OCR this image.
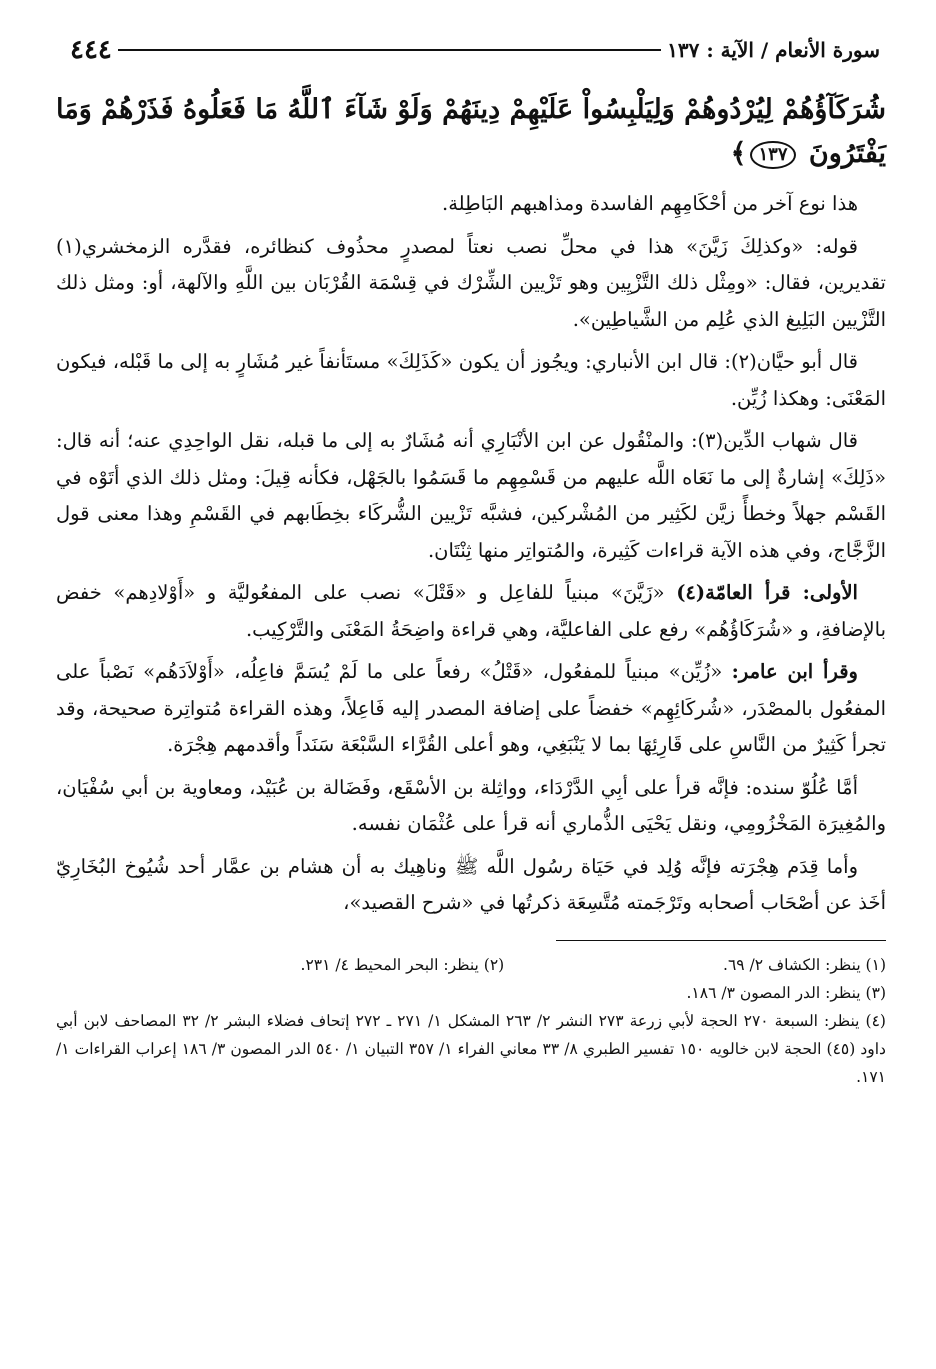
سورة الأنعام / الآية : ١٣٧
٤٤٤
شُرَكَآؤُهُمْ لِيُرْدُوهُمْ وَلِيَلْبِسُواْ عَلَيْهِمْ دِينَهُمْ وَلَوْ شَآءَ ٱللَّهُ مَا فَعَلُوهُ فَذَرْهُمْ وَمَا يَفْتَرُونَ ١٣٧﴾

هذا نوع آخر من أحْكَامِهِم الفاسدة ومذاهبهم البَاطِلة.

قوله: «وكذلِكَ زَيَّنَ» هذا في محلِّ نصب نعتاً لمصدرٍ محذُوف كنظائره، فقدَّره الزمخشري(١) تقديرين، فقال: «ومِثْل ذلك التَّزْيِين وهو تَزْيين الشِّرْك في قِسْمَة القُرْبَان بين اللَّهِ والآلهة، أو: ومثل ذلك التَّزْيين البَلِيغ الذي عُلِم من الشَّياطِين».

قال أبو حيَّان(٢): قال ابن الأنباري: ويجُوز أن يكون «كَذَلِكَ» مستَأنفاً غير مُشَارٍ به إلى ما قَبْله، فيكون المَعْنَى: وهكذا زُيِّن.

قال شهاب الدِّين(٣): والمنْقُول عن ابن الأنْبَارِي أنه مُشَارٌ به إلى ما قبله، نقل الواحِدِي عنه؛ أنه قال: «ذَلِكَ» إشارةٌ إلى ما نَعَاه اللَّه عليهم من قَسْمِهِم ما قَسَمُوا بالجَهْل، فكأنه قِيلَ: ومثل ذلك الذي أتَوْه في القَسْم جهلاً وخطأً زيَّن لكَثِير من المُشْركين، فشبَّه تَزْيين الشُّركَاء بخِطَابهم في القَسْمِ وهذا معنى قول الزَّجَّاج، وفي هذه الآية قراءات كَثِيرة، والمُتواتِر منها ثِنْتَان.

الأولى: قرأ العامّة(٤) «زَيَّنَ» مبنياً للفاعِل و «قَتْلَ» نصب على المفعُوليَّة و «أَوْلادِهم» خفض بالإضافةِ، و «شُرَكَاؤُهُم» رفع على الفاعليَّة، وهي قراءة واضِحَةُ المَعْنَى والتَّرْكِيب.

وقرأ ابن عامر: «زُيِّن» مبنياً للمفعُول، «قَتْلُ» رفعاً على ما لَمْ يُسَمَّ فاعِلُه، «أَوْلاَدَهُم» نَصْباً على المفعُول بالمصْدَر، «شُركَائِهِم» خفضاً على إضافة المصدر إليه فَاعِلاً، وهذه القراءة مُتواتِرة صحيحة، وقد تجرأ كَثِيرٌ من النَّاسِ على قَارِئِهَا بما لا يَنْبَغِي، وهو أعلى القُرَّاء السَّبْعَة سَنَداً وأقدمهم هِجْرَة.

أمَّا عُلُوّ سنده: فإنَّه قرأ على أبِي الدَّرْدَاء، وواثِلة بن الأسْقَع، وفَضَالة بن عُبَيْد، ومعاوية بن أبي سُفْيَان، والمُغِيرَة المَخْزُومِي، ونقل يَحْيَى الذُّماري أنه قرأ على عُثْمَان نفسه.

وأما قِدَم هِجْرَته فإنَّه وُلِد في حَيَاة رسُول اللَّه ﷺ وناهِيك به أن هشام بن عمَّار أحد شُيُوخ البُخَارِيّ أخَذ عن أصْحَاب أصحابه وتَرْجَمته مُتَّسِعَة ذكرتُها في «شرح القصيد»،

(١) ينظر: الكشاف ٢/ ٦٩.
(٢) ينظر: البحر المحيط ٤/ ٢٣١.
(٣) ينظر: الدر المصون ٣/ ١٨٦.
(٤) ينظر: السبعة ٢٧٠ الحجة لأبي زرعة ٢٧٣ النشر ٢/ ٢٦٣ المشكل ١/ ٢٧١ ـ ٢٧٢ إتحاف فضلاء البشر ٢/ ٣٢ المصاحف لابن أبي داود (٤٥) الحجة لابن خالويه ١٥٠ تفسير الطبري ٨/ ٣٣ معاني الفراء ١/ ٣٥٧ التبيان ١/ ٥٤٠ الدر المصون ٣/ ١٨٦ إعراب القراءات ١/ ١٧١.
